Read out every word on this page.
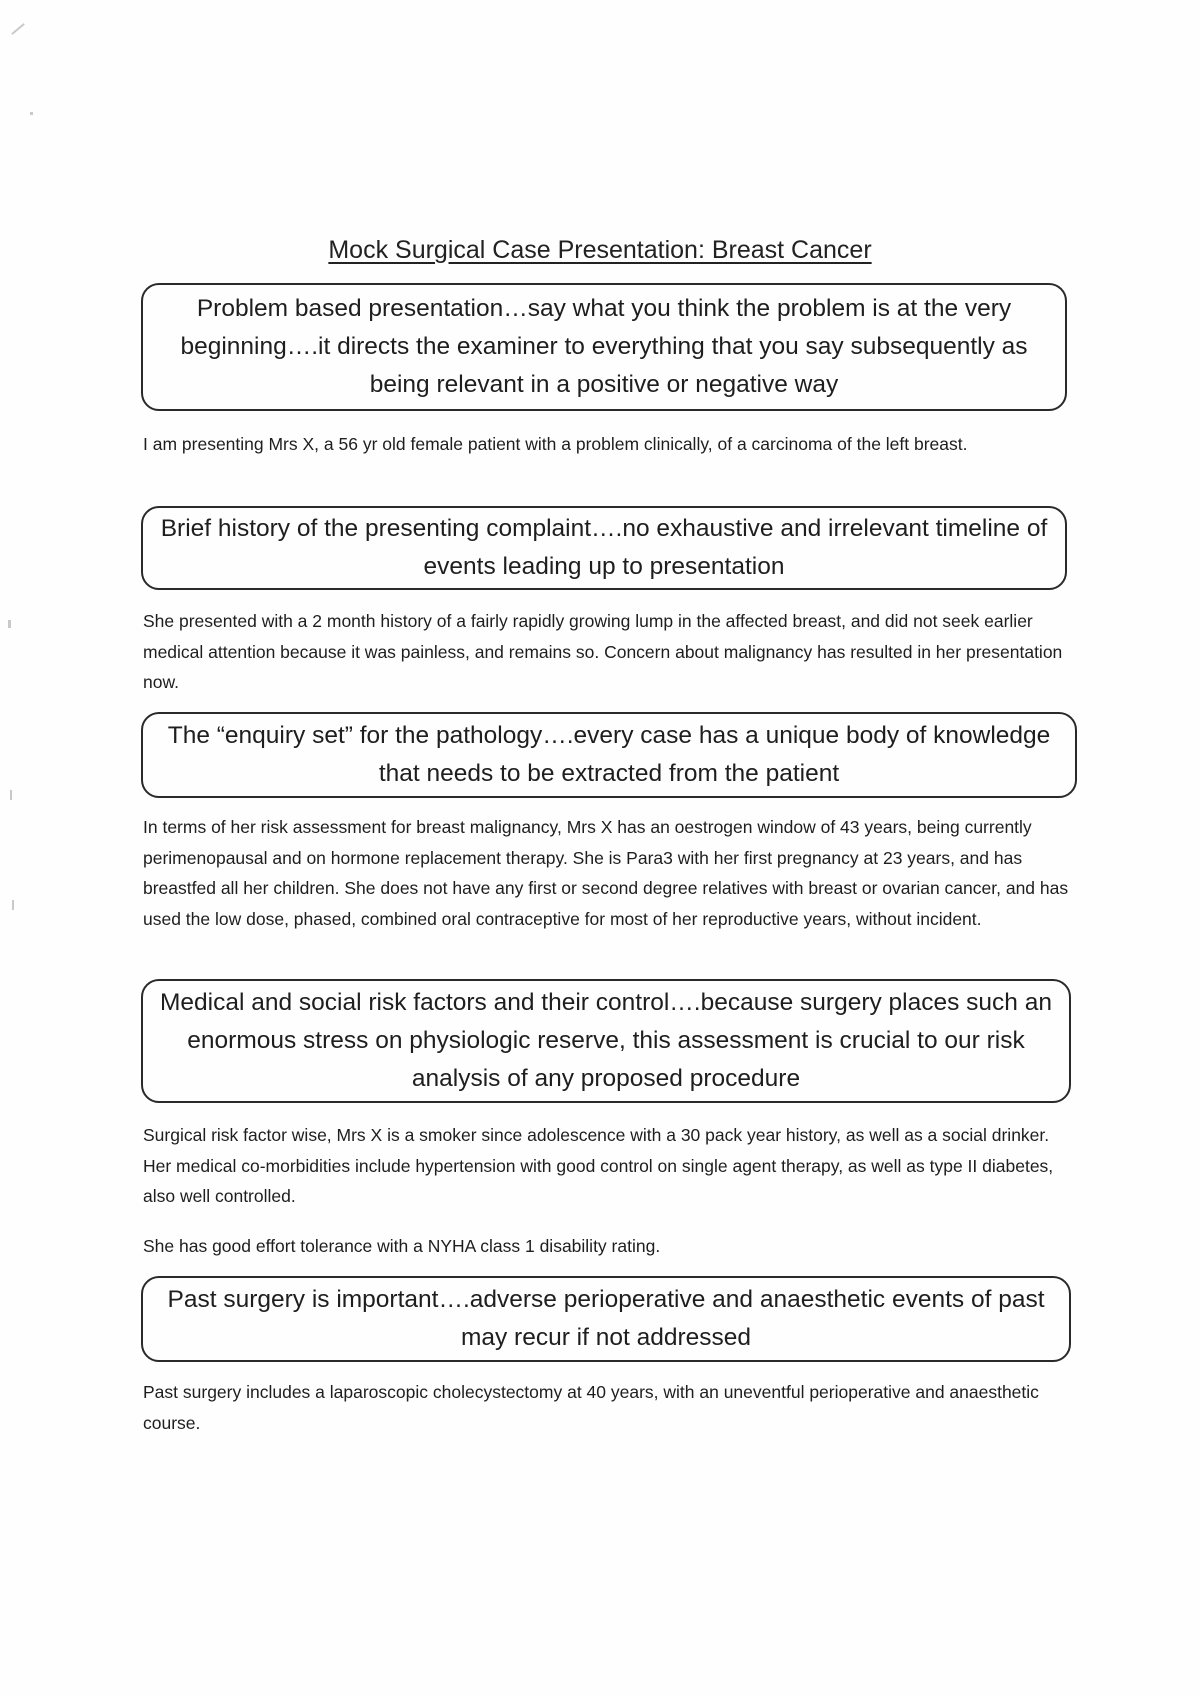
Mock Surgical Case Presentation: Breast Cancer
Problem based presentation…say what you think the problem is at the very beginning….it directs the examiner to everything that you say subsequently as being relevant in a positive or negative way
I am presenting Mrs X, a 56 yr old female patient with a problem clinically, of a carcinoma of the left breast.
Brief history of the presenting complaint….no exhaustive and irrelevant timeline of events leading up to presentation
She presented with a 2 month history of a fairly rapidly growing lump in the affected breast, and did not seek earlier medical attention because it was painless, and remains so. Concern about malignancy has resulted in her presentation now.
The “enquiry set” for the pathology….every case has a unique body of knowledge that needs to be extracted from the patient
In terms of her risk assessment for breast malignancy, Mrs X has an oestrogen window of 43 years, being currently perimenopausal and on hormone replacement therapy. She is Para3 with her first pregnancy at 23 years, and has breastfed all her children. She does not have any first or second degree relatives with breast or ovarian cancer, and has used the low dose, phased, combined oral contraceptive for most of her reproductive years, without incident.
Medical and social risk factors and their control….because surgery places such an enormous stress on physiologic reserve, this assessment is crucial to our risk analysis of any proposed procedure
Surgical risk factor wise, Mrs X is a smoker since adolescence with a 30 pack year history, as well as a social drinker. Her medical co-morbidities include hypertension with good control on single agent therapy, as well as type II diabetes, also well controlled.
She has good effort tolerance with a NYHA class 1 disability rating.
Past surgery is important….adverse perioperative and anaesthetic events of past may recur if not addressed
Past surgery includes a laparoscopic cholecystectomy at 40 years, with an uneventful perioperative and anaesthetic course.
